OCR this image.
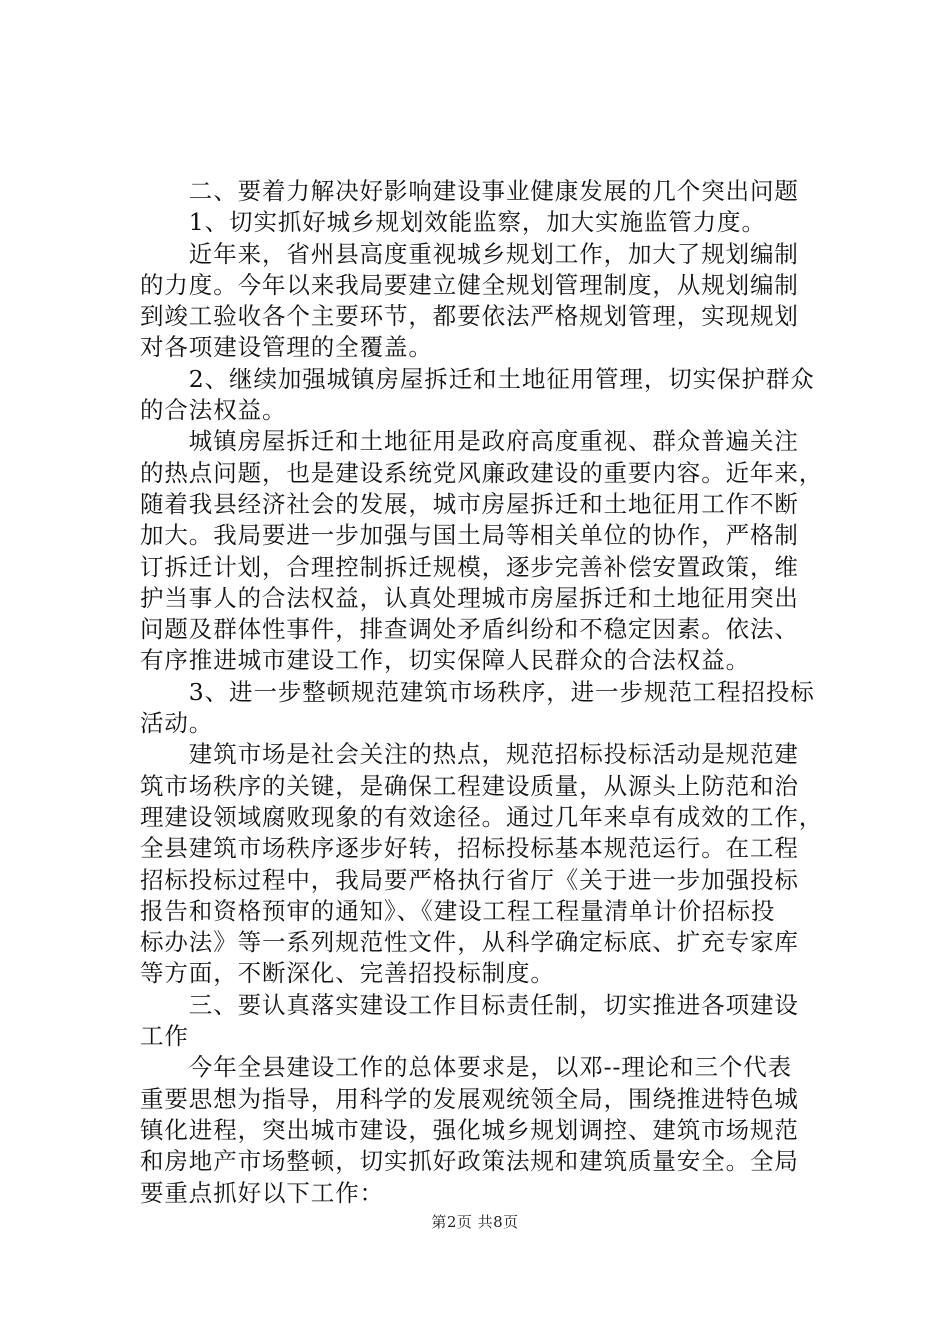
　　二、要着力解决好影响建设事业健康发展的几个突出问题
　　1、切实抓好城乡规划效能监察，加大实施监管力度。
　　近年来，省州县高度重视城乡规划工作，加大了规划编制
的力度。今年以来我局要建立健全规划管理制度，从规划编制
到竣工验收各个主要环节，都要依法严格规划管理，实现规划
对各项建设管理的全覆盖。
　　2、继续加强城镇房屋拆迁和土地征用管理，切实保护群众
的合法权益。
　　城镇房屋拆迁和土地征用是政府高度重视、群众普遍关注
的热点问题，也是建设系统党风廉政建设的重要内容。近年来，
随着我县经济社会的发展，城市房屋拆迁和土地征用工作不断
加大。我局要进一步加强与国土局等相关单位的协作，严格制
订拆迁计划，合理控制拆迁规模，逐步完善补偿安置政策，维
护当事人的合法权益，认真处理城市房屋拆迁和土地征用突出
问题及群体性事件，排查调处矛盾纠纷和不稳定因素。依法、
有序推进城市建设工作，切实保障人民群众的合法权益。
　　3、进一步整顿规范建筑市场秩序，进一步规范工程招投标
活动。
　　建筑市场是社会关注的热点，规范招标投标活动是规范建
筑市场秩序的关键，是确保工程建设质量，从源头上防范和治
理建设领域腐败现象的有效途径。通过几年来卓有成效的工作，
全县建筑市场秩序逐步好转，招标投标基本规范运行。在工程
招标投标过程中，我局要严格执行省厅《关于进一步加强投标
报告和资格预审的通知》、《建设工程工程量清单计价招标投
标办法》等一系列规范性文件，从科学确定标底、扩充专家库
等方面，不断深化、完善招投标制度。
　　三、要认真落实建设工作目标责任制，切实推进各项建设
工作
　　今年全县建设工作的总体要求是，以邓--理论和三个代表
重要思想为指导，用科学的发展观统领全局，围绕推进特色城
镇化进程，突出城市建设，强化城乡规划调控、建筑市场规范
和房地产市场整顿，切实抓好政策法规和建筑质量安全。全局
要重点抓好以下工作：
第2页 共8页
